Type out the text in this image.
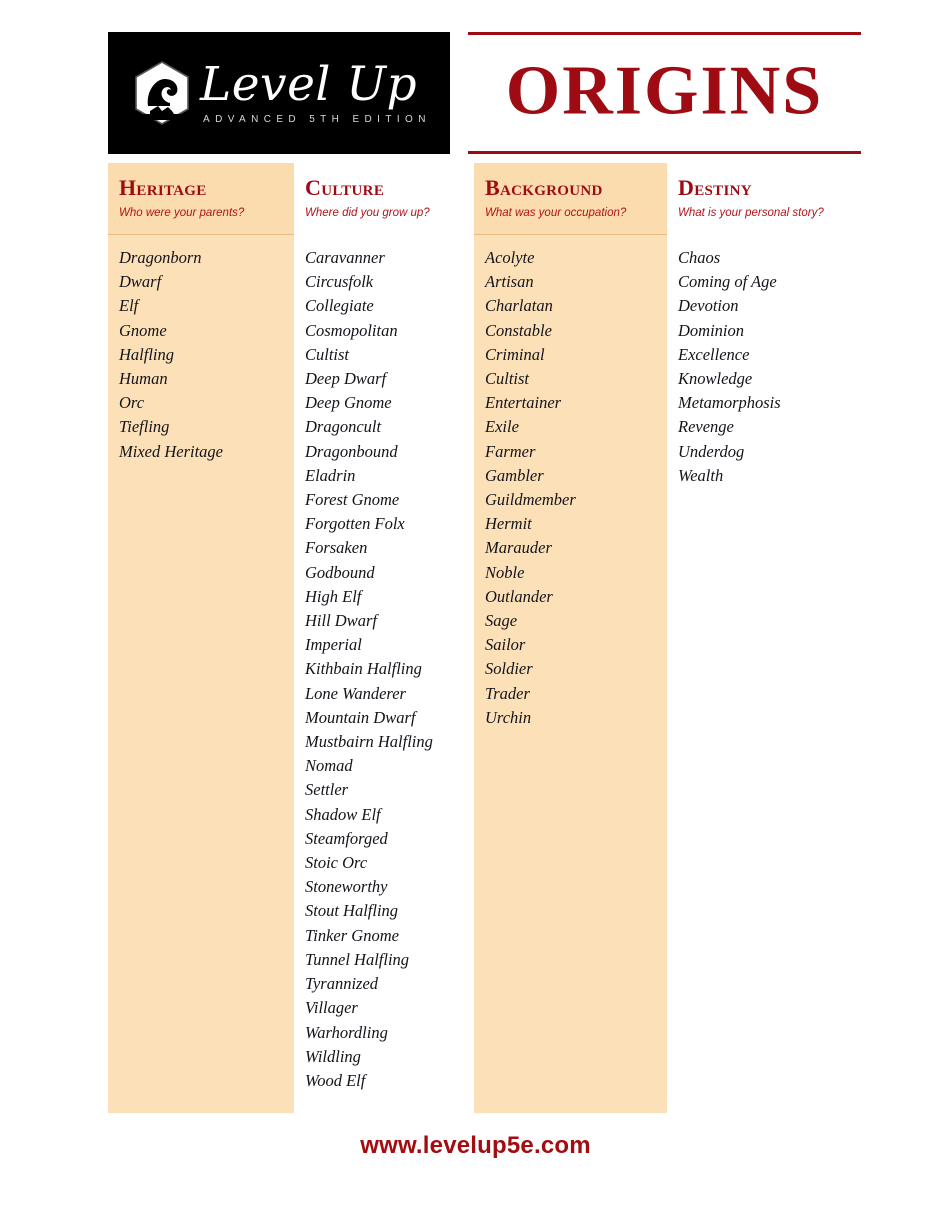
Level Up
ADVANCED 5TH EDITION	ORIGINS
Heritage
Who were your parents?
Dragonborn
Dwarf
Elf
Gnome
Halfling
Human
Orc
Tiefling
Mixed Heritage
Culture
Where did you grow up?
Caravanner
Circusfolk
Collegiate
Cosmopolitan
Cultist
Deep Dwarf
Deep Gnome
Dragoncult
Dragonbound
Eladrin
Forest Gnome
Forgotten Folx
Forsaken
Godbound
High Elf
Hill Dwarf
Imperial
Kithbain Halfling
Lone Wanderer
Mountain Dwarf
Mustbairn Halfling
Nomad
Settler
Shadow Elf
Steamforged
Stoic Orc
Stoneworthy
Stout Halfling
Tinker Gnome
Tunnel Halfling
Tyrannized
Villager
Warhordling
Wildling
Wood Elf
Background
What was your occupation?
Acolyte
Artisan
Charlatan
Constable
Criminal
Cultist
Entertainer
Exile
Farmer
Gambler
Guildmember
Hermit
Marauder
Noble
Outlander
Sage
Sailor
Soldier
Trader
Urchin
Destiny
What is your personal story?
Chaos
Coming of Age
Devotion
Dominion
Excellence
Knowledge
Metamorphosis
Revenge
Underdog
Wealth
www.levelup5e.com
